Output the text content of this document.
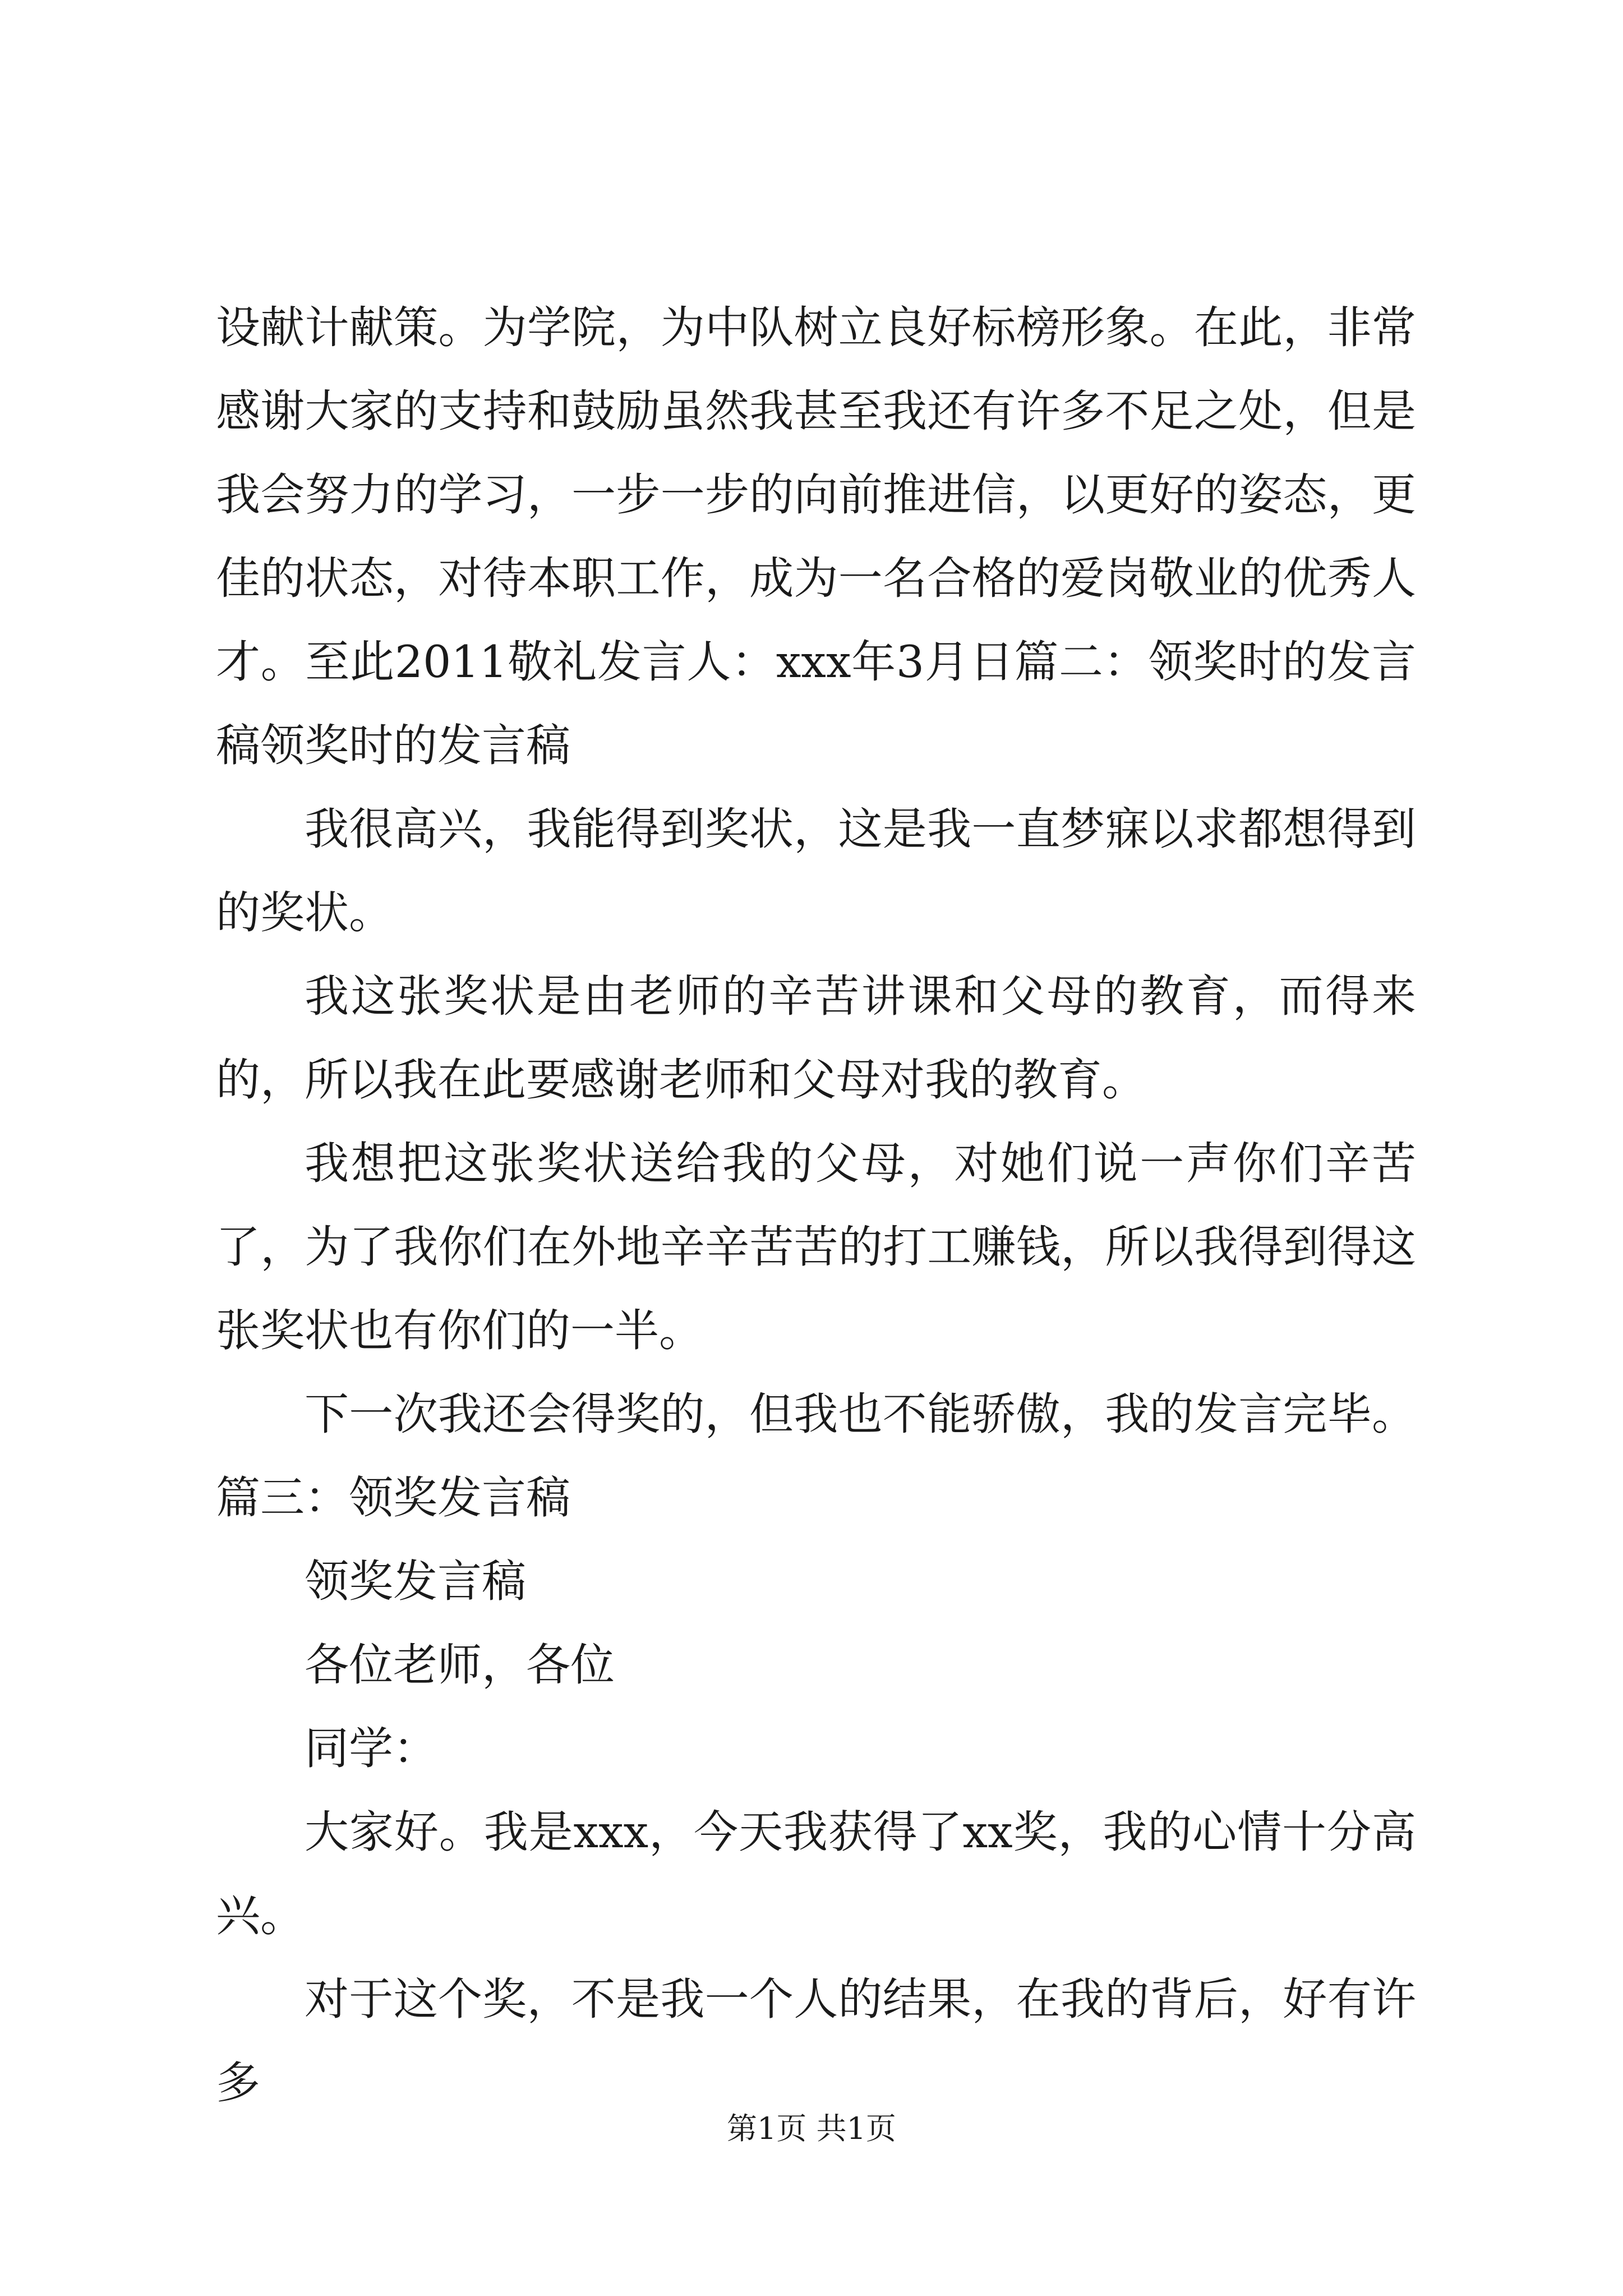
设献计献策。为学院，为中队树立良好标榜形象。在此，非常感谢大家的支持和鼓励虽然我甚至我还有许多不足之处，但是我会努力的学习，一步一步的向前推进信，以更好的姿态，更佳的状态，对待本职工作，成为一名合格的爱岗敬业的优秀人才。至此2011敬礼发言人：xxx年3月日篇二：领奖时的发言稿领奖时的发言稿

我很高兴，我能得到奖状，这是我一直梦寐以求都想得到的奖状。

我这张奖状是由老师的辛苦讲课和父母的教育，而得来的，所以我在此要感谢老师和父母对我的教育。

我想把这张奖状送给我的父母，对她们说一声你们辛苦了，为了我你们在外地辛辛苦苦的打工赚钱，所以我得到得这张奖状也有你们的一半。

下一次我还会得奖的，但我也不能骄傲，我的发言完毕。篇三：领奖发言稿

领奖发言稿

各位老师，各位

同学：

大家好。我是xxx，今天我获得了xx奖，我的心情十分高兴。

对于这个奖，不是我一个人的结果，在我的背后，好有许多

第1页 共1页
